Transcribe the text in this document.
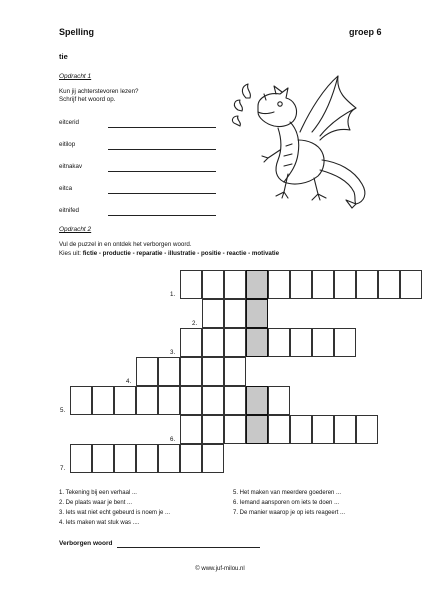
Spelling	groep 6
tie
Opdracht 1
Kun jij achterstevoren lezen?
Schrijf het woord op.
eitcerid
eitilop
eitnakav
eitca
eitnifed
Opdracht 2
Vul de puzzel in en ontdek het verborgen woord.
Kies uit: fictie - productie - reparatie - illustratie - positie - reactie - motivatie
1.
2.
3.
4.
5.
6.
7.
1. Tekening bij een verhaal ...
2. De plaats waar je bent ...
3. Iets wat niet echt gebeurd is noem je ...
4. Iets maken wat stuk was ....
5. Het maken van meerdere goederen ...
6. Iemand aansporen om iets te doen ...
7. De manier waarop je op iets reageert ...
Verborgen woord
© www.juf-milou.nl
